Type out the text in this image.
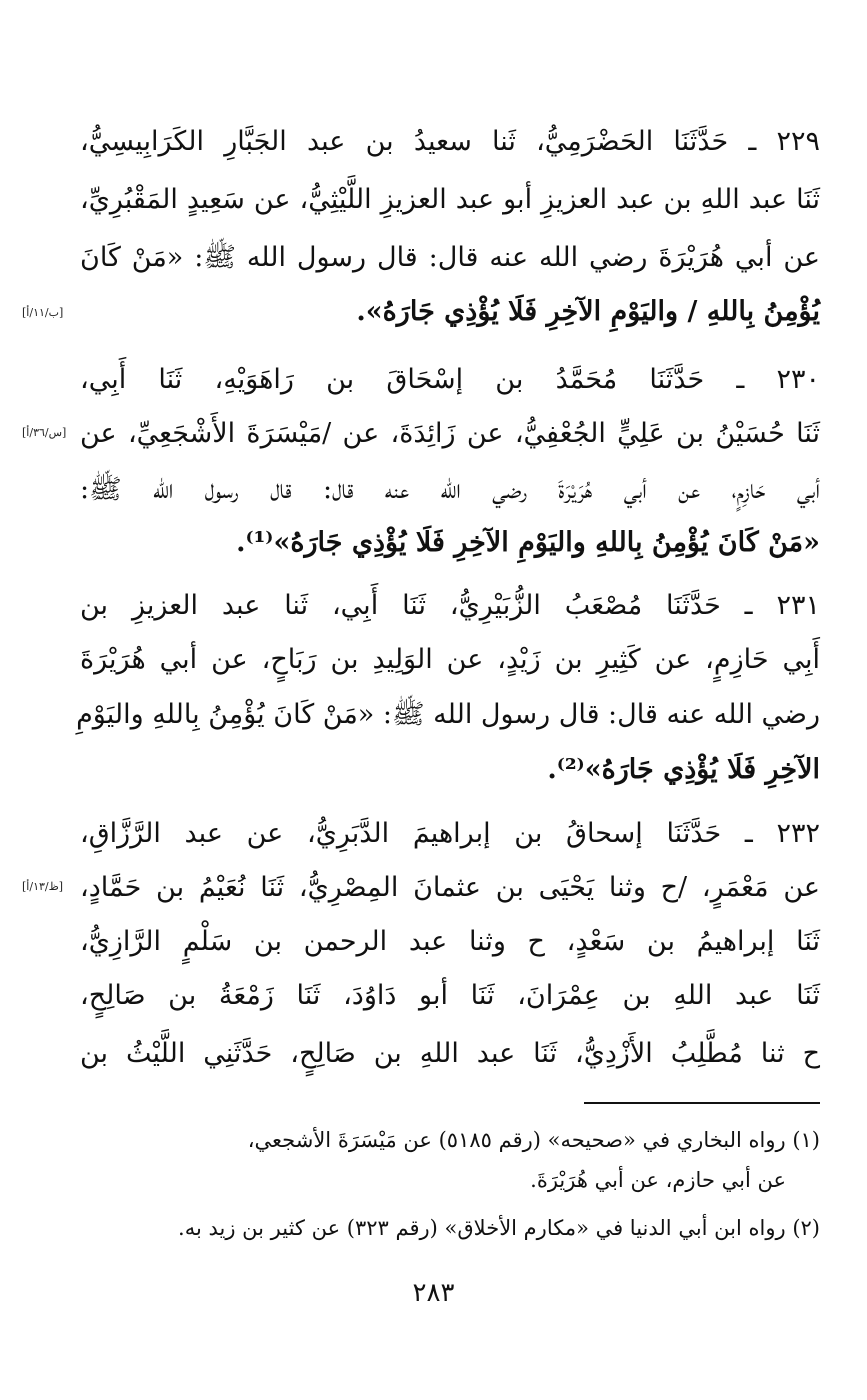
٢٢٩ ـ حَدَّثَنَا الحَضْرَمِيُّ، ثَنا سعيدُ بن عبد الجَبَّارِ الكَرَابِيسِيُّ،
ثَنَا عبد اللهِ بن عبد العزيزِ أبو عبد العزيزِ اللَّيْثِيُّ، عن سَعِيدٍ المَقْبُرِيِّ،
عن أبي هُرَيْرَةَ رضي الله عنه قال: قال رسول الله ﷺ: «مَنْ كَانَ
يُؤْمِنُ بِاللهِ / واليَوْمِ الآخِرِ فَلَا يُؤْذِي جَارَهُ».
[ب/١١/أ]
٢٣٠ ـ حَدَّثَنَا مُحَمَّدُ بن إسْحَاقَ بن رَاهَوَيْهِ، ثَنَا أَبِي،
ثَنَا حُسَيْنُ بن عَلِيٍّ الجُعْفِيُّ، عن زَائِدَةَ، عن /مَيْسَرَةَ الأَشْجَعِيِّ، عن
[س/٣٦/أ]
أبي حَازِمٍ، عن أبي هُرَيْرَةَ رضي الله عنه قال: قال رسول الله ﷺ:
«مَنْ كَانَ يُؤْمِنُ بِاللهِ واليَوْمِ الآخِرِ فَلَا يُؤْذِي جَارَهُ»⁽¹⁾.
٢٣١ ـ حَدَّثَنَا مُصْعَبُ الزُّبَيْرِيُّ، ثَنَا أَبِي، ثَنا عبد العزيزِ بن
أَبِي حَازِمٍ، عن كَثِيرِ بن زَيْدٍ، عن الوَلِيدِ بن رَبَاحٍ، عن أبي هُرَيْرَةَ
رضي الله عنه قال: قال رسول الله ﷺ: «مَنْ كَانَ يُؤْمِنُ بِاللهِ واليَوْمِ
الآخِرِ فَلَا يُؤْذِي جَارَهُ»⁽²⁾.
٢٣٢ ـ حَدَّثَنَا إسحاقُ بن إبراهيمَ الدَّبَرِيُّ، عن عبد الرَّزَّاقِ،
عن مَعْمَرٍ، /ح وثنا يَحْيَى بن عثمانَ المِصْرِيُّ، ثَنَا نُعَيْمُ بن حَمَّادٍ،
[ظ/١٣/أ]
ثَنَا إبراهيمُ بن سَعْدٍ، ح وثنا عبد الرحمن بن سَلْمٍ الرَّازِيُّ،
ثَنَا عبد اللهِ بن عِمْرَانَ، ثَنَا أبو دَاوُدَ، ثَنَا زَمْعَةُ بن صَالِحٍ،
ح ثنا مُطَّلِبُ الأَزْدِيُّ، ثَنَا عبد اللهِ بن صَالِحٍ، حَدَّثَنِي اللَّيْثُ بن
(١) رواه البخاري في «صحيحه» (رقم ٥١٨٥) عن مَيْسَرَةَ الأشجعي،
عن أبي حازم، عن أبي هُرَيْرَةَ.
(٢) رواه ابن أبي الدنيا في «مكارم الأخلاق» (رقم ٣٢٣) عن كثير بن زيد به.
٢٨٣
